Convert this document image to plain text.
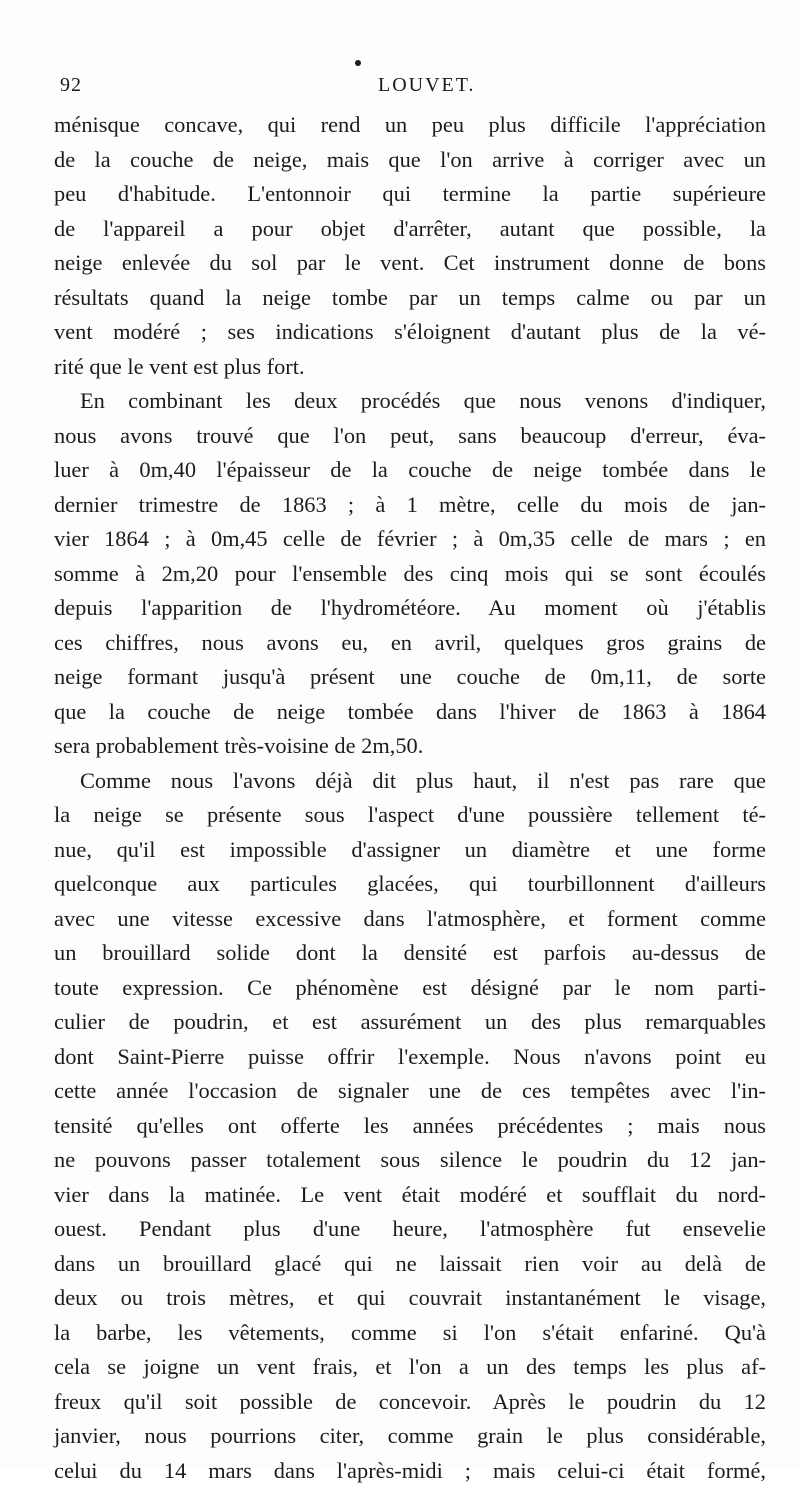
92	LOUVET.
ménisque concave, qui rend un peu plus difficile l'appréciation
de la couche de neige, mais que l'on arrive à corriger avec un
peu d'habitude. L'entonnoir qui termine la partie supérieure
de l'appareil a pour objet d'arrêter, autant que possible, la
neige enlevée du sol par le vent. Cet instrument donne de bons
résultats quand la neige tombe par un temps calme ou par un
vent modéré ; ses indications s'éloignent d'autant plus de la vé-
rité que le vent est plus fort.
En combinant les deux procédés que nous venons d'indiquer,
nous avons trouvé que l'on peut, sans beaucoup d'erreur, éva-
luer à 0m,40 l'épaisseur de la couche de neige tombée dans le
dernier trimestre de 1863 ; à 1 mètre, celle du mois de jan-
vier 1864 ; à 0m,45 celle de février ; à 0m,35 celle de mars ; en
somme à 2m,20 pour l'ensemble des cinq mois qui se sont écoulés
depuis l'apparition de l'hydrométéore. Au moment où j'établis
ces chiffres, nous avons eu, en avril, quelques gros grains de
neige formant jusqu'à présent une couche de 0m,11, de sorte
que la couche de neige tombée dans l'hiver de 1863 à 1864
sera probablement très-voisine de 2m,50.
Comme nous l'avons déjà dit plus haut, il n'est pas rare que
la neige se présente sous l'aspect d'une poussière tellement té-
nue, qu'il est impossible d'assigner un diamètre et une forme
quelconque aux particules glacées, qui tourbillonnent d'ailleurs
avec une vitesse excessive dans l'atmosphère, et forment comme
un brouillard solide dont la densité est parfois au-dessus de
toute expression. Ce phénomène est désigné par le nom parti-
culier de poudrin, et est assurément un des plus remarquables
dont Saint-Pierre puisse offrir l'exemple. Nous n'avons point eu
cette année l'occasion de signaler une de ces tempêtes avec l'in-
tensité qu'elles ont offerte les années précédentes ; mais nous
ne pouvons passer totalement sous silence le poudrin du 12 jan-
vier dans la matinée. Le vent était modéré et soufflait du nord-
ouest. Pendant plus d'une heure, l'atmosphère fut ensevelie
dans un brouillard glacé qui ne laissait rien voir au delà de
deux ou trois mètres, et qui couvrait instantanément le visage,
la barbe, les vêtements, comme si l'on s'était enfariné. Qu'à
cela se joigne un vent frais, et l'on a un des temps les plus af-
freux qu'il soit possible de concevoir. Après le poudrin du 12
janvier, nous pourrions citer, comme grain le plus considérable,
celui du 14 mars dans l'après-midi ; mais celui-ci était formé,
